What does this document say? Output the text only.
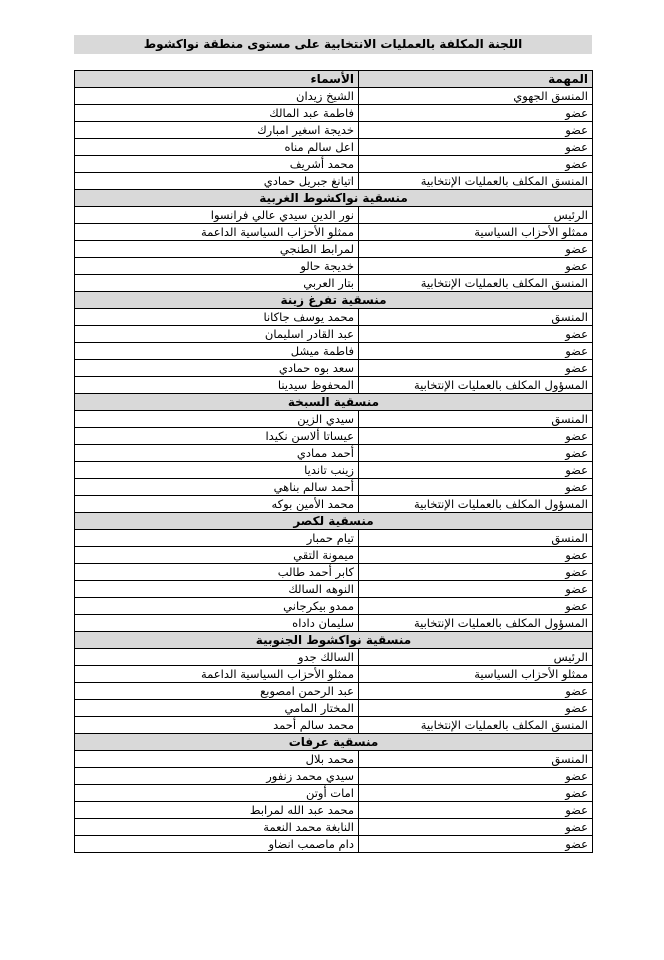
اللجنة المكلفة بالعمليات الانتخابية على مستوى منطقة نواكشوط
المهمة	الأسماء
المنسق الجهوي	الشيخ زيدان
عضو	فاطمة عبد المالك
عضو	خديجة اسغير امبارك
عضو	اعل سالم مناه
عضو	محمد أشريف
المنسق المكلف بالعمليات الإنتخابية	اتيانغ جبريل حمادي
منسقية نواكشوط الغربية	
الرئيس	نور الدين سيدي عالي فرانسوا
ممثلو الأحزاب السياسية	ممثلو الأحزاب السياسية الداعمة
عضو	لمرابط الطنجي
عضو	خديجة حالو
المنسق المكلف بالعمليات الإنتخابية	بتار العربي
منسقية تفرغ زينة	
المنسق	محمد يوسف جاكانا
عضو	عبد القادر اسليمان
عضو	فاطمة ميشل
عضو	سعد بوه حمادي
المسؤول المكلف بالعمليات الإنتخابية	المحفوظ سيدينا
منسقية السبخة	
المنسق	سيدي الزين
عضو	عيساتا ألاسن نكيدا
عضو	أحمد ممادي
عضو	زينب تانديا
عضو	أحمد سالم بناهي
المسؤول المكلف بالعمليات الإنتخابية	محمد الأمين بوكه
منسقية لكصر	
المنسق	تيام حمبار
عضو	ميمونة التقي
عضو	كابر أحمد طالب
عضو	النوهه السالك
عضو	ممدو بيكرجاني
المسؤول المكلف بالعمليات الإنتخابية	سليمان داداه
منسقية نواكشوط الجنوبية	
الرئيس	السالك جدو
ممثلو الأحزاب السياسية	ممثلو الأحزاب السياسية الداعمة
عضو	عبد الرحمن امصوبع
عضو	المختار المامي
المنسق المكلف بالعمليات الإنتخابية	محمد سالم أحمد
منسقية عرفات	
المنسق	محمد بلال
عضو	سيدي محمد زنفور
عضو	امات أوتن
عضو	محمد عبد الله لمرابط
عضو	النابغة محمد النعمة
عضو	دام ماصمب انضاو
